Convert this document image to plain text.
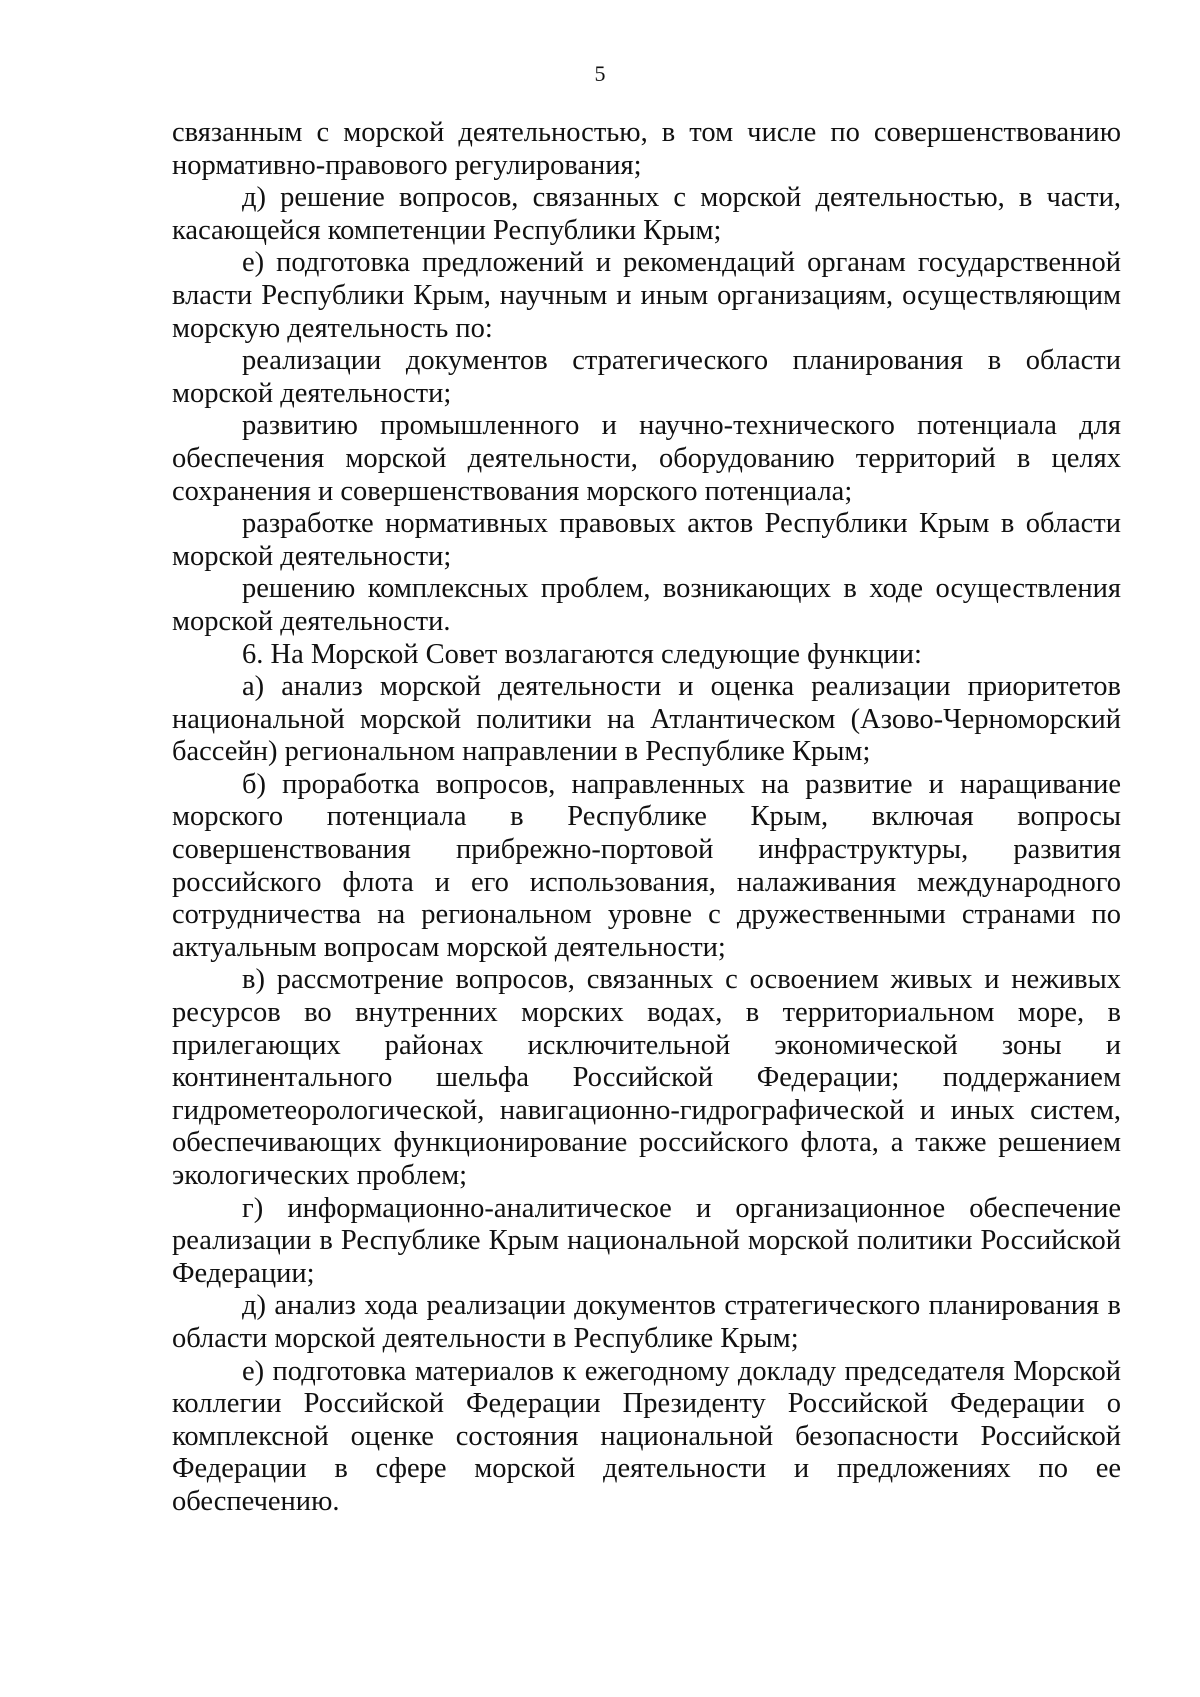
5

связанным с морской деятельностью, в том числе по совершенствованию нормативно-правового регулирования;

д) решение вопросов, связанных с морской деятельностью, в части, касающейся компетенции Республики Крым;

е) подготовка предложений и рекомендаций органам государственной власти Республики Крым, научным и иным организациям, осуществляющим морскую деятельность по:

реализации документов стратегического планирования в области морской деятельности;

развитию промышленного и научно-технического потенциала для обеспечения морской деятельности, оборудованию территорий в целях сохранения и совершенствования морского потенциала;

разработке нормативных правовых актов Республики Крым в области морской деятельности;

решению комплексных проблем, возникающих в ходе осуществления морской деятельности.

6. На Морской Совет возлагаются следующие функции:

а) анализ морской деятельности и оценка реализации приоритетов национальной морской политики на Атлантическом (Азово-Черноморский бассейн) региональном направлении в Республике Крым;

б) проработка вопросов, направленных на развитие и наращивание морского потенциала в Республике Крым, включая вопросы совершенствования прибрежно-портовой инфраструктуры, развития российского флота и его использования, налаживания международного сотрудничества на региональном уровне с дружественными странами по актуальным вопросам морской деятельности;

в) рассмотрение вопросов, связанных с освоением живых и неживых ресурсов во внутренних морских водах, в территориальном море, в прилегающих районах исключительной экономической зоны и континентального шельфа Российской Федерации; поддержанием гидрометеорологической, навигационно-гидрографической и иных систем, обеспечивающих функционирование российского флота, а также решением экологических проблем;

г) информационно-аналитическое и организационное обеспечение реализации в Республике Крым национальной морской политики Российской Федерации;

д) анализ хода реализации документов стратегического планирования в области морской деятельности в Республике Крым;

е) подготовка материалов к ежегодному докладу председателя Морской коллегии Российской Федерации Президенту Российской Федерации о комплексной оценке состояния национальной безопасности Российской Федерации в сфере морской деятельности и предложениях по ее обеспечению.
